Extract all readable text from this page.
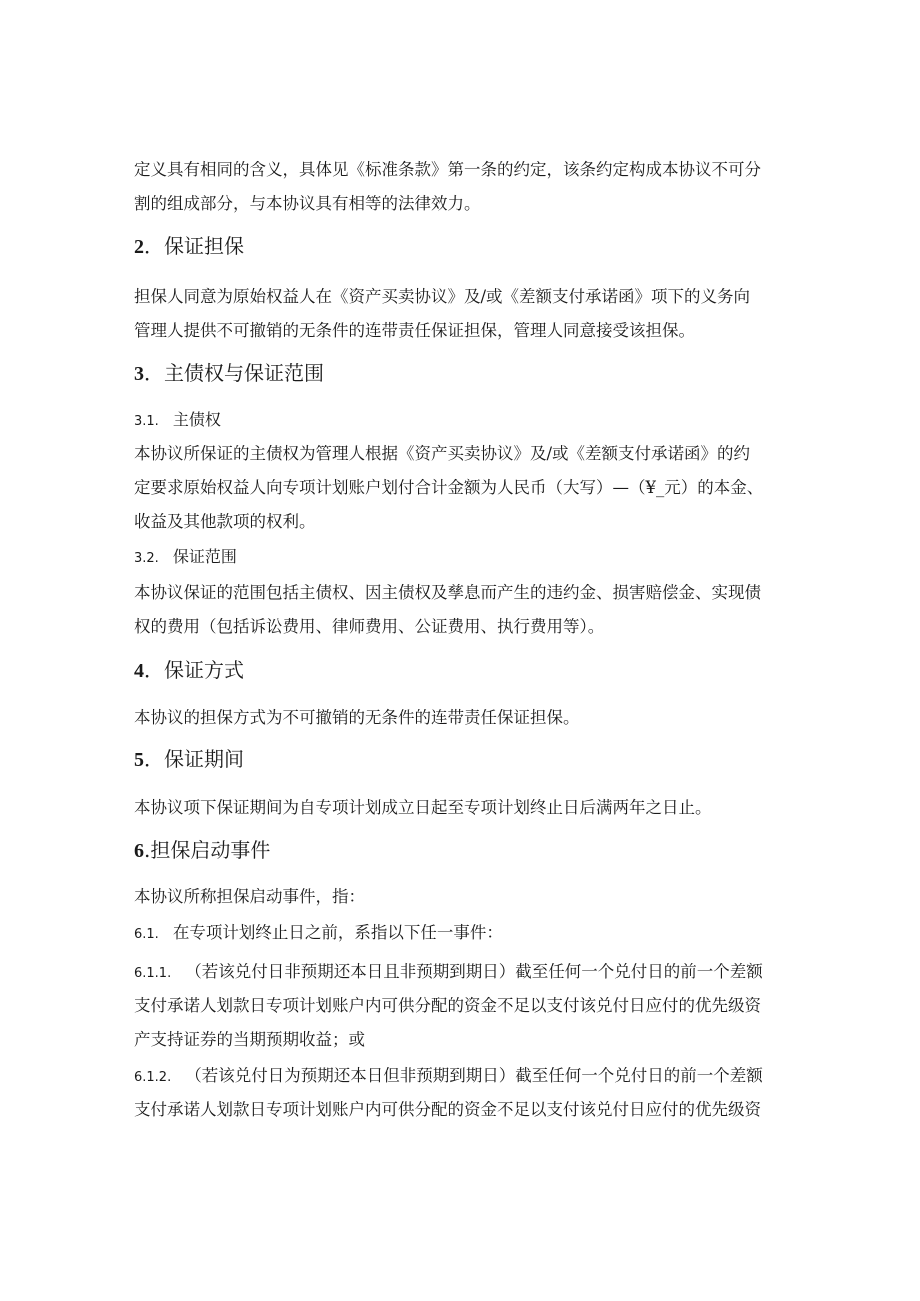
定义具有相同的含义，具体见《标准条款》第一条的约定，该条约定构成本协议不可分
割的组成部分，与本协议具有相等的法律效力。

2．保证担保

担保人同意为原始权益人在《资产买卖协议》及/或《差额支付承诺函》项下的义务向
管理人提供不可撤销的无条件的连带责任保证担保，管理人同意接受该担保。

3．主债权与保证范围

3.1. 主债权

本协议所保证的主债权为管理人根据《资产买卖协议》及/或《差额支付承诺函》的约
定要求原始权益人向专项计划账户划付合计金额为人民币（大写）—（¥_元）的本金、
收益及其他款项的权利。

3.2. 保证范围

本协议保证的范围包括主债权、因主债权及孳息而产生的违约金、损害赔偿金、实现债
权的费用（包括诉讼费用、律师费用、公证费用、执行费用等）。

4．保证方式

本协议的担保方式为不可撤销的无条件的连带责任保证担保。

5．保证期间

本协议项下保证期间为自专项计划成立日起至专项计划终止日后满两年之日止。

6.担保启动事件

本协议所称担保启动事件，指：

6.1. 在专项计划终止日之前，系指以下任一事件：

6.1.1. （若该兑付日非预期还本日且非预期到期日）截至任何一个兑付日的前一个差额
支付承诺人划款日专项计划账户内可供分配的资金不足以支付该兑付日应付的优先级资
产支持证券的当期预期收益；或

6.1.2. （若该兑付日为预期还本日但非预期到期日）截至任何一个兑付日的前一个差额
支付承诺人划款日专项计划账户内可供分配的资金不足以支付该兑付日应付的优先级资
